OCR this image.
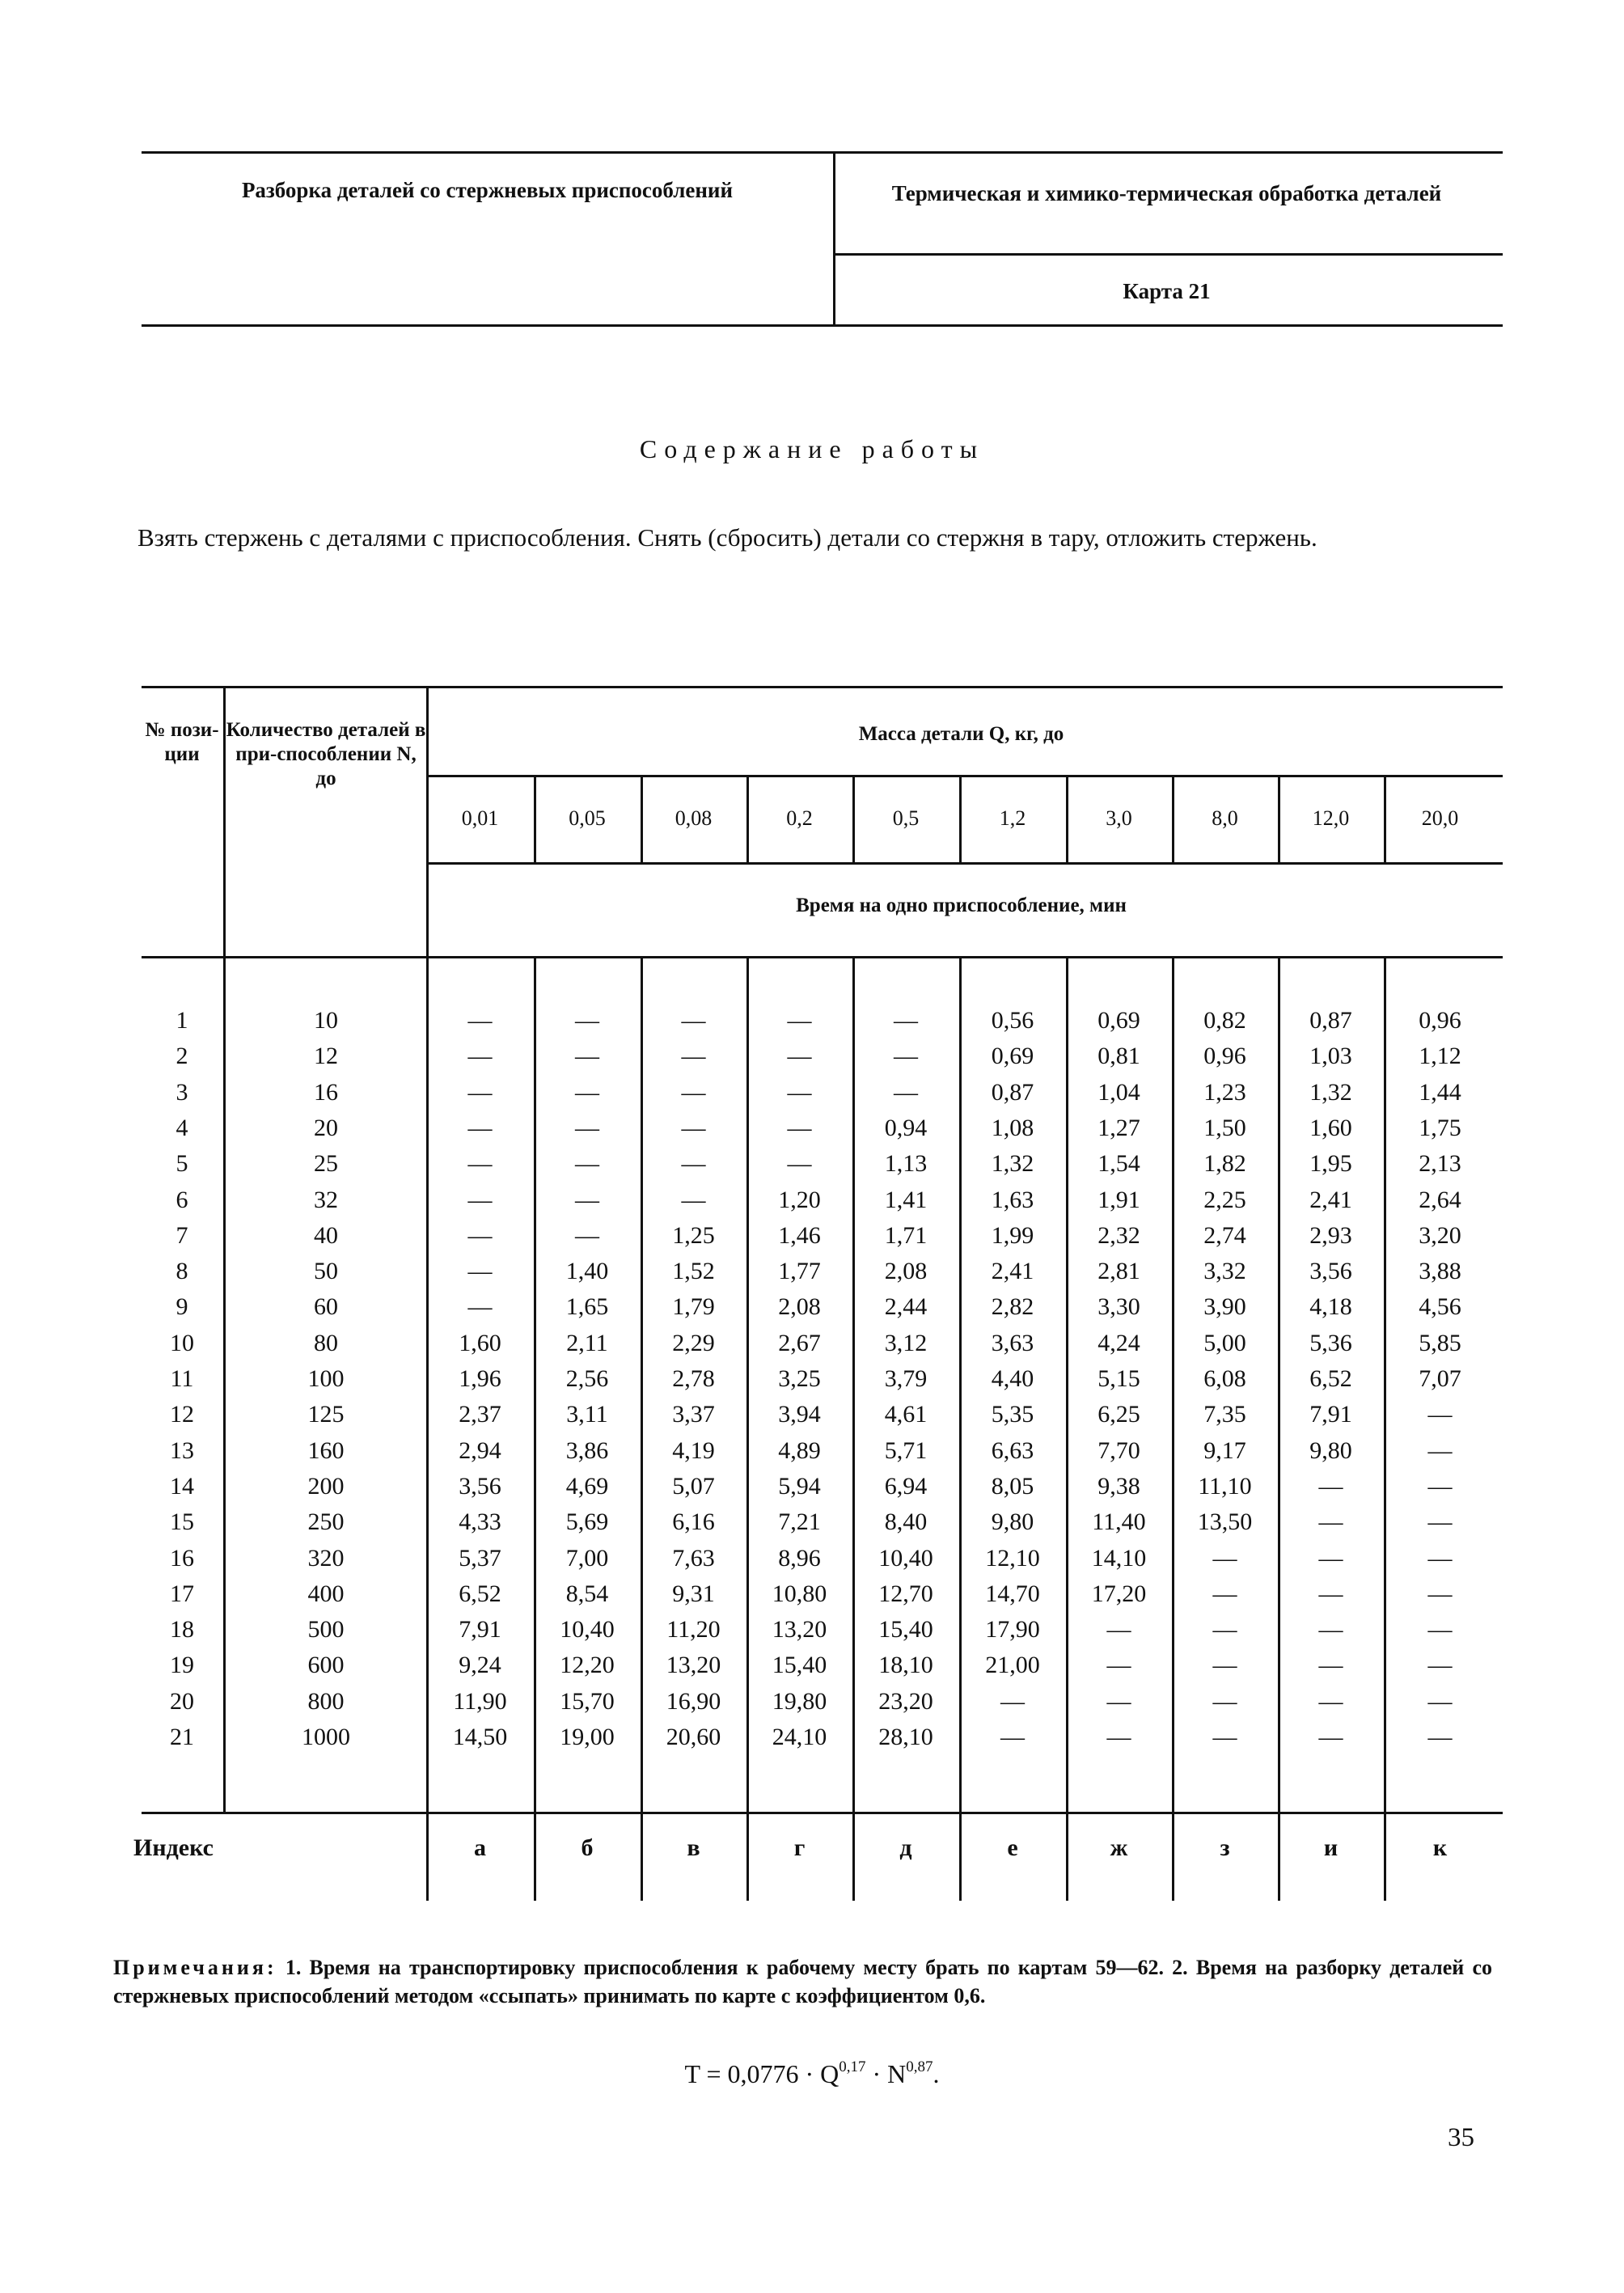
Разборка деталей со стержневых приспособлений	Термическая и химико-термическая обработка деталей
Карта 21
Содержание работы
Взять стержень с деталями с приспособления. Снять (сбросить) детали со стержня в тару, отложить стержень.
№ пози-ции
Количество деталей в при-способлении N, до
Масса детали Q, кг, до
0,01	0,05	0,08	0,2	0,5	1,2	3,0	8,0	12,0	20,0
Время на одно приспособление, мин
1	10	—	—	—	—	—	0,56	0,69	0,82	0,87	0,96
2	12	—	—	—	—	—	0,69	0,81	0,96	1,03	1,12
3	16	—	—	—	—	—	0,87	1,04	1,23	1,32	1,44
4	20	—	—	—	—	0,94	1,08	1,27	1,50	1,60	1,75
5	25	—	—	—	—	1,13	1,32	1,54	1,82	1,95	2,13
6	32	—	—	—	1,20	1,41	1,63	1,91	2,25	2,41	2,64
7	40	—	—	1,25	1,46	1,71	1,99	2,32	2,74	2,93	3,20
8	50	—	1,40	1,52	1,77	2,08	2,41	2,81	3,32	3,56	3,88
9	60	—	1,65	1,79	2,08	2,44	2,82	3,30	3,90	4,18	4,56
10	80	1,60	2,11	2,29	2,67	3,12	3,63	4,24	5,00	5,36	5,85
11	100	1,96	2,56	2,78	3,25	3,79	4,40	5,15	6,08	6,52	7,07
12	125	2,37	3,11	3,37	3,94	4,61	5,35	6,25	7,35	7,91	—
13	160	2,94	3,86	4,19	4,89	5,71	6,63	7,70	9,17	9,80	—
14	200	3,56	4,69	5,07	5,94	6,94	8,05	9,38	11,10	—	—
15	250	4,33	5,69	6,16	7,21	8,40	9,80	11,40	13,50	—	—
16	320	5,37	7,00	7,63	8,96	10,40	12,10	14,10	—	—	—
17	400	6,52	8,54	9,31	10,80	12,70	14,70	17,20	—	—	—
18	500	7,91	10,40	11,20	13,20	15,40	17,90	—	—	—	—
19	600	9,24	12,20	13,20	15,40	18,10	21,00	—	—	—	—
20	800	11,90	15,70	16,90	19,80	23,20	—	—	—	—	—
21	1000	14,50	19,00	20,60	24,10	28,10	—	—	—	—	—
Индекс	а	б	в	г	д	е	ж	з	и	к
Примечания: 1. Время на транспортировку приспособления к рабочему месту брать по картам 59—62. 2. Время на разборку деталей со стержневых приспособлений методом «ссыпать» принимать по карте с коэффициентом 0,6.
T = 0,0776 · Q$^{0,17}$ · N$^{0,87}$.
35
